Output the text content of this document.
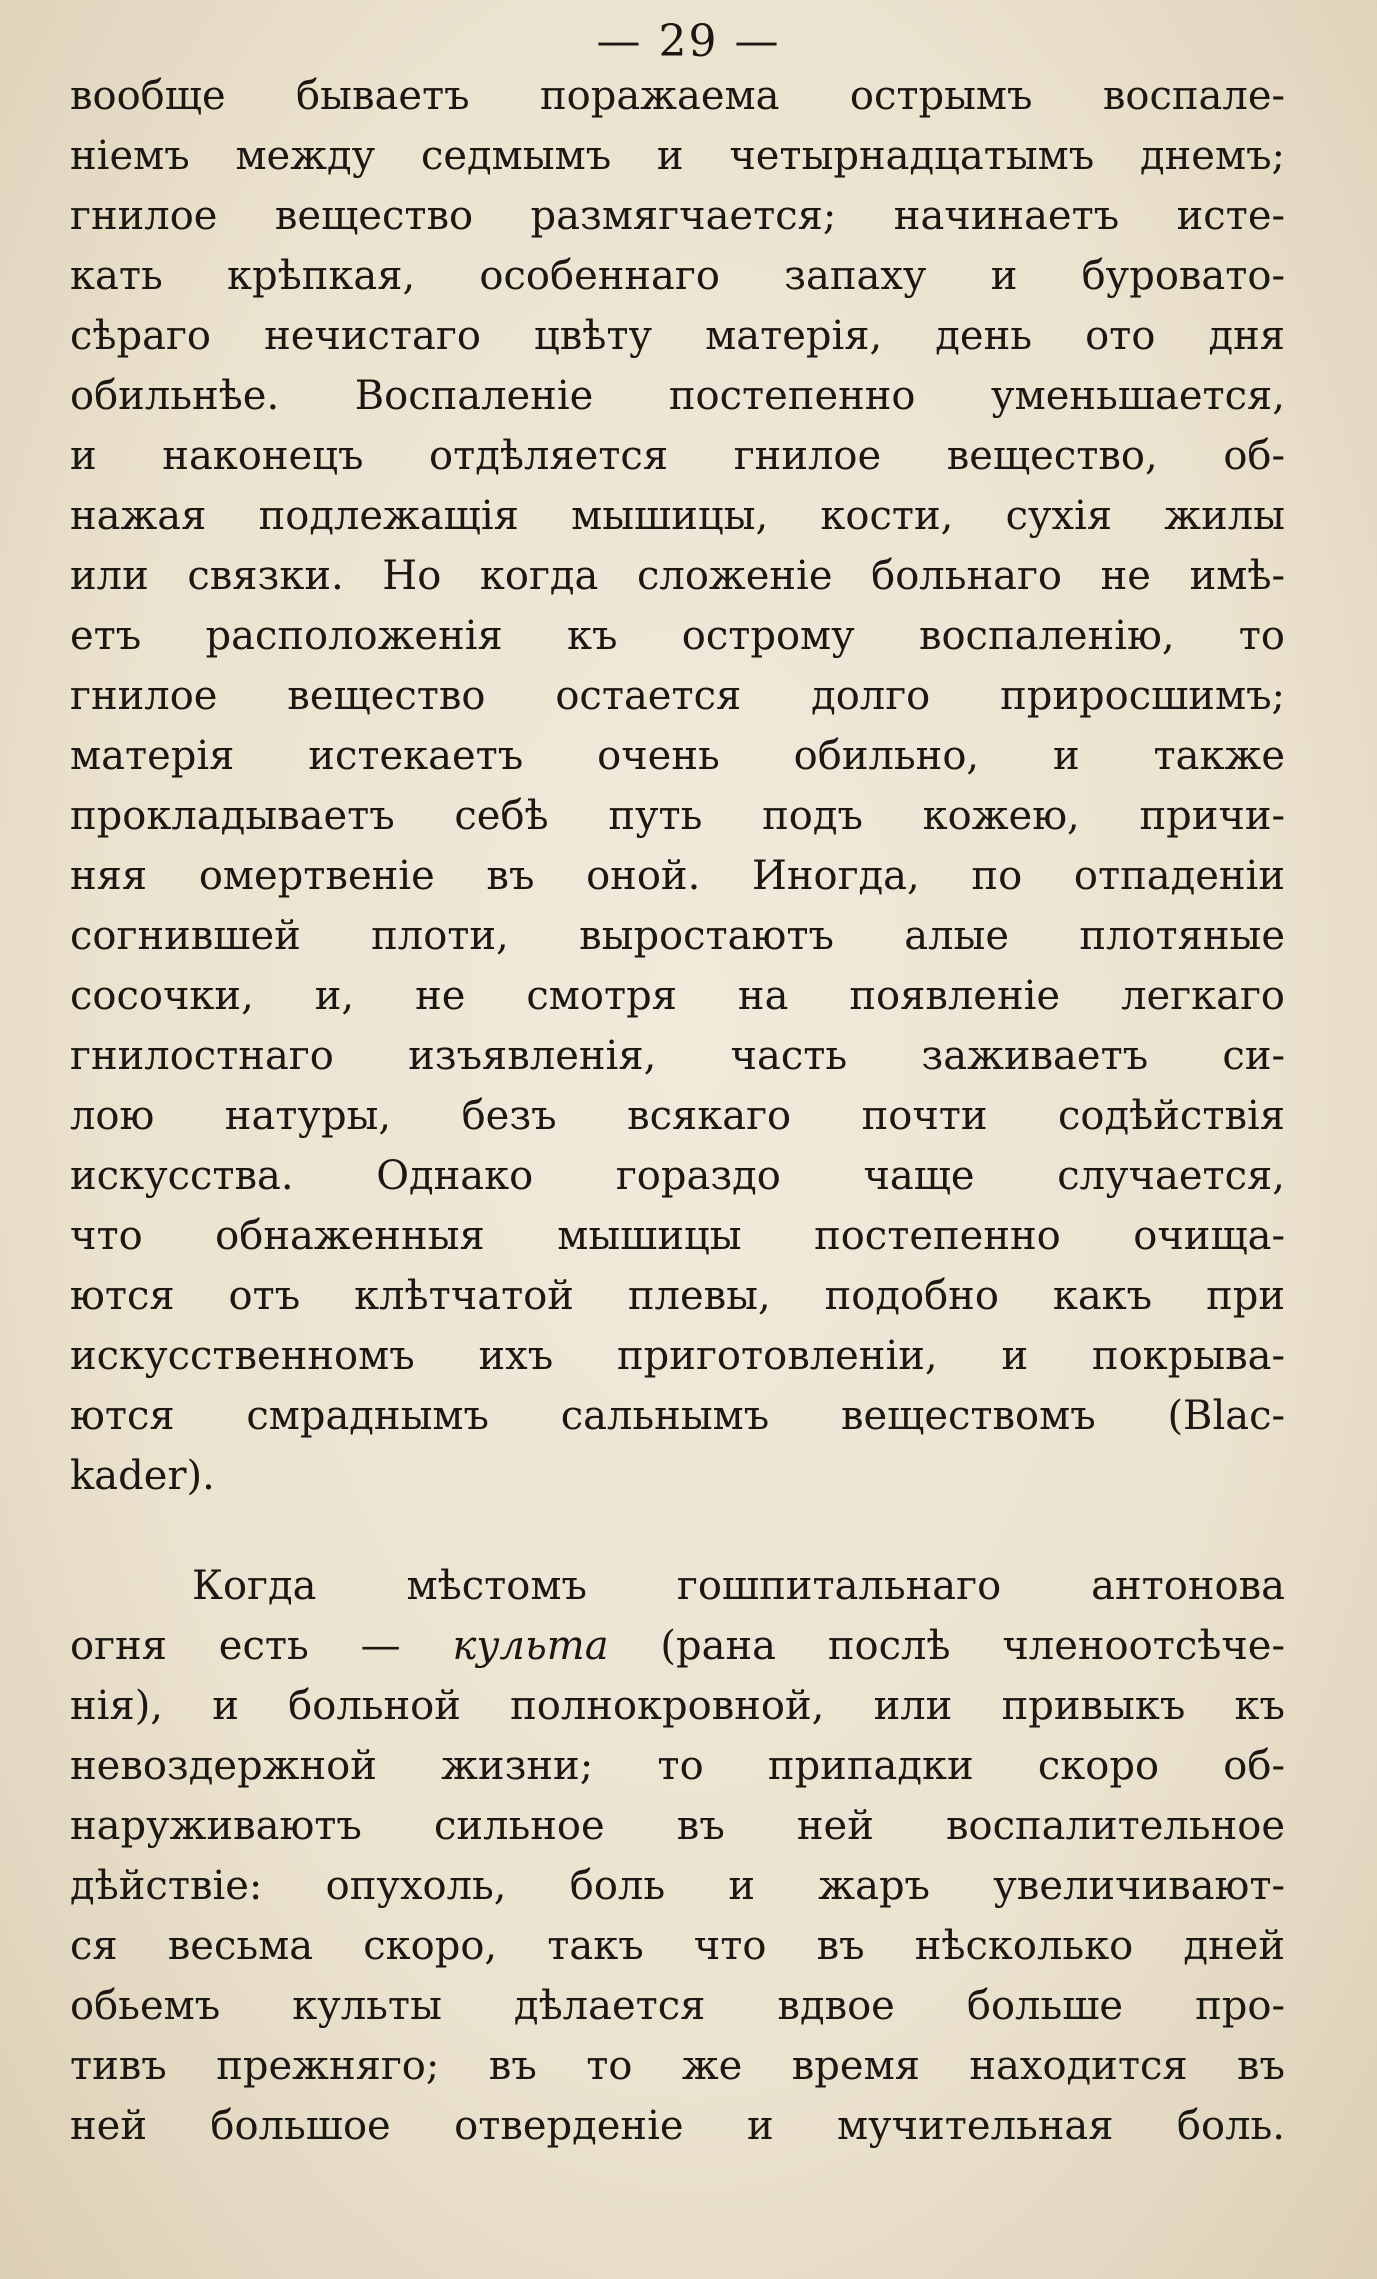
— 29 —
вообще бываетъ поражаема острымъ воспале-
нiемъ между седмымъ и четырнадцатымъ днемъ;
гнилое вещество размягчается; начинаетъ исте-
кать крѣпкая, особеннаго запаху и буровато-
сѣраго нечистаго цвѣту матерiя, день ото дня
обильнѣе. Воспаленiе постепенно уменьшается,
и наконецъ отдѣляется гнилое вещество, об-
нажая подлежащiя мышицы, кости, сухiя жилы
или связки. Но когда сложенiе больнаго не имѣ-
етъ расположенiя къ острому воспаленiю, то
гнилое вещество остается долго приросшимъ;
матерiя истекаетъ очень обильно, и также
прокладываетъ себѣ путь подъ кожею, причи-
няя омертвенiе въ оной. Иногда, по отпаденiи
согнившей плоти, выростаютъ алые плотяные
сосочки, и, не смотря на появленiе легкаго
гнилостнаго изъявленiя, часть заживаетъ си-
лою натуры, безъ всякаго почти содѣйствiя
искусства. Однако гораздо чаще случается,
что обнаженныя мышицы постепенно очища-
ются отъ клѣтчатой плевы, подобно какъ при
искусственномъ ихъ приготовленiи, и покрыва-
ются смраднымъ сальнымъ веществомъ (Blac-
kader).
Когда мѣстомъ гошпитальнаго антонова
огня есть — культа (рана послѣ членоотсѣче-
нiя), и больной полнокровной, или привыкъ къ
невоздержной жизни; то припадки скоро об-
наруживаютъ сильное въ ней воспалительное
дѣйствiе: опухоль, боль и жаръ увеличивают-
ся весьма скоро, такъ что въ нѣсколько дней
обьемъ культы дѣлается вдвое больше про-
тивъ прежняго; въ то же время находится въ
ней большое отверденiе и мучительная боль.
